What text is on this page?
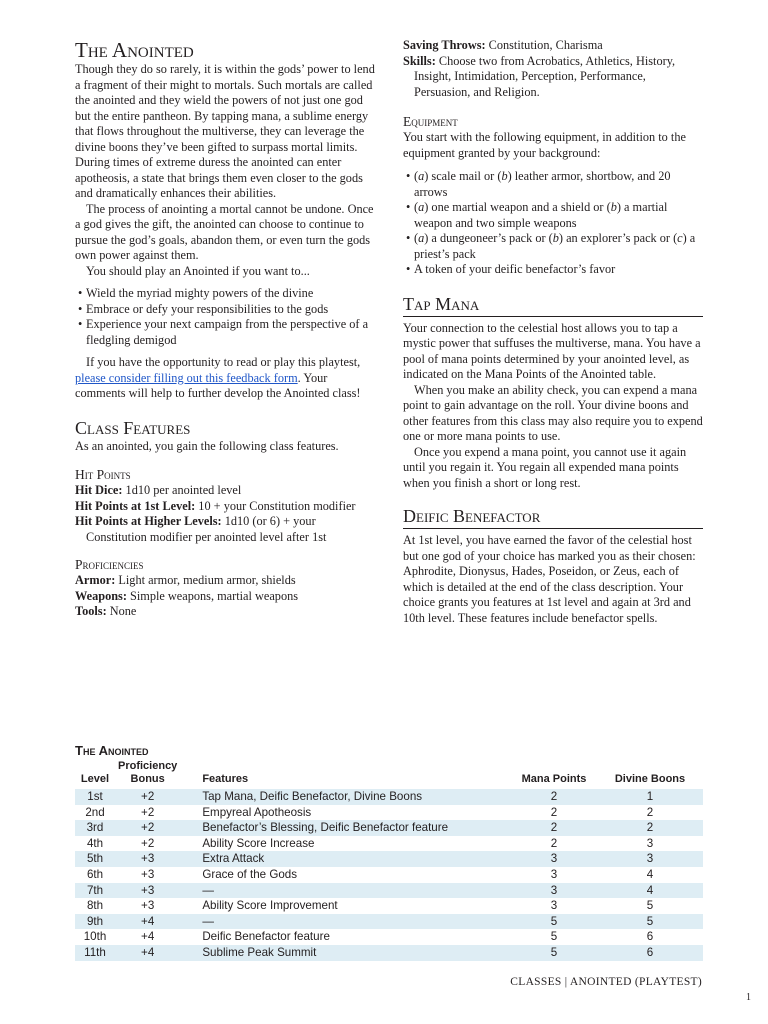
The Anointed

Though they do so rarely, it is within the gods’ power to lend a fragment of their might to mortals. Such mortals are called the anointed and they wield the powers of not just one god but the entire pantheon. By tapping mana, a sublime energy that flows throughout the multiverse, they can leverage the divine boons they’ve been gifted to surpass mortal limits. During times of extreme duress the anointed can enter apotheosis, a state that brings them even closer to the gods and dramatically enhances their abilities.

The process of anointing a mortal cannot be undone. Once a god gives the gift, the anointed can choose to continue to pursue the god’s goals, abandon them, or even turn the gods own power against them.

You should play an Anointed if you want to...

• Wield the myriad mighty powers of the divine
• Embrace or defy your responsibilities to the gods
• Experience your next campaign from the perspective of a fledgling demigod

If you have the opportunity to read or play this playtest, please consider filling out this feedback form. Your comments will help to further develop the Anointed class!

Class Features

As an anointed, you gain the following class features.

Hit Points
Hit Dice: 1d10 per anointed level
Hit Points at 1st Level: 10 + your Constitution modifier
Hit Points at Higher Levels: 1d10 (or 6) + your Constitution modifier per anointed level after 1st
Proficiencies
Armor: Light armor, medium armor, shields
Weapons: Simple weapons, martial weapons
Tools: None
Saving Throws: Constitution, Charisma
Skills: Choose two from Acrobatics, Athletics, History, Insight, Intimidation, Perception, Performance, Persuasion, and Religion.
Equipment

You start with the following equipment, in addition to the equipment granted by your background:

• (a) scale mail or (b) leather armor, shortbow, and 20 arrows
• (a) one martial weapon and a shield or (b) a martial weapon and two simple weapons
• (a) a dungeoneer’s pack or (b) an explorer’s pack or (c) a priest’s pack
• A token of your deific benefactor’s favor
Tap Mana

Your connection to the celestial host allows you to tap a mystic power that suffuses the multiverse, mana. You have a pool of mana points determined by your anointed level, as indicated on the Mana Points of the Anointed table.

When you make an ability check, you can expend a mana point to gain advantage on the roll. Your divine boons and other features from this class may also require you to expend one or more mana points to use.

Once you expend a mana point, you cannot use it again until you regain it. You regain all expended mana points when you finish a short or long rest.

Deific Benefactor

At 1st level, you have earned the favor of the celestial host but one god of your choice has marked you as their chosen: Aphrodite, Dionysus, Hades, Poseidon, or Zeus, each of which is detailed at the end of the class description. Your choice grants you features at 1st level and again at 3rd and 10th level. These features include benefactor spells.

The Anointed
Level	Proficiency Bonus	Features	Mana Points	Divine Boons
1st	+2	Tap Mana, Deific Benefactor, Divine Boons	2	1
2nd	+2	Empyreal Apotheosis	2	2
3rd	+2	Benefactor’s Blessing, Deific Benefactor feature	2	2
4th	+2	Ability Score Increase	2	3
5th	+3	Extra Attack	3	3
6th	+3	Grace of the Gods	3	4
7th	+3	—	3	4
8th	+3	Ability Score Improvement	3	5
9th	+4	—	5	5
10th	+4	Deific Benefactor feature	5	6
11th	+4	Sublime Peak Summit	5	6
CLASSES | ANOINTED (PLAYTEST)
1
